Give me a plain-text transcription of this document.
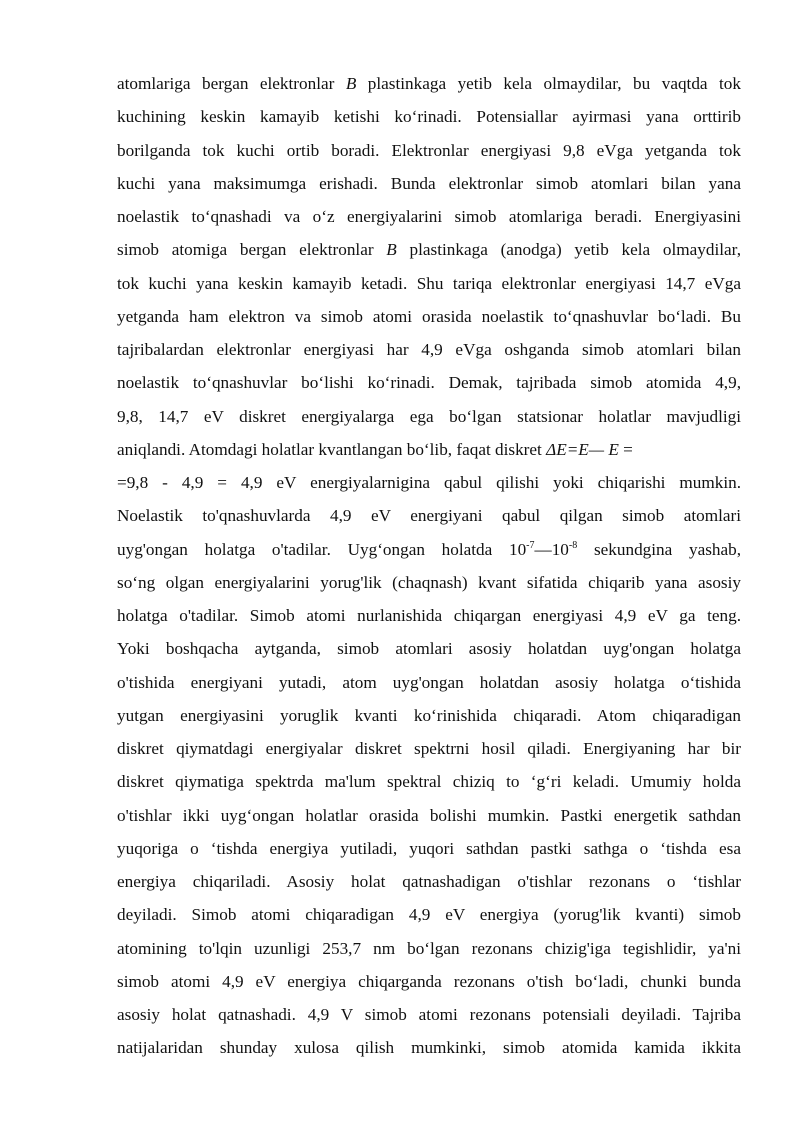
atomlariga bergan elektronlar B plastinkaga yetib kela olmaydilar, bu vaqtda tok
kuchining keskin kamayib ketishi ko‘rinadi. Potensiallar ayirmasi yana orttirib
borilganda tok kuchi ortib boradi. Elektronlar energiyasi 9,8 eVga yetganda tok
kuchi yana maksimumga erishadi. Bunda elektronlar simob atomlari bilan yana
noelastik to‘qnashadi va o‘z energiyalarini simob atomlariga beradi. Energiyasini
simob atomiga bergan elektronlar B plastinkaga (anodga) yetib kela olmaydilar,
tok kuchi yana keskin kamayib ketadi. Shu tariqa elektronlar energiyasi 14,7 eVga
yetganda ham elektron va simob atomi orasida noelastik to‘qnashuvlar bo‘ladi. Bu
tajribalardan elektronlar energiyasi har 4,9 eVga oshganda simob atomlari bilan
noelastik to‘qnashuvlar bo‘lishi ko‘rinadi. Demak, tajribada simob atomida 4,9,
9,8, 14,7 eV diskret energiyalarga ega bo‘lgan statsionar holatlar mavjudligi
aniqlandi. Atomdagi holatlar kvantlangan bo‘lib, faqat diskret ΔE=E— E =
=9,8 - 4,9 = 4,9 eV energiyalarnigina qabul qilishi yoki chiqarishi mumkin.
Noelastik to'qnashuvlarda 4,9 eV energiyani qabul qilgan simob atomlari
uyg'ongan holatga o'tadilar. Uyg‘ongan holatda $10^{-7}—10^{-8}$ sekundgina yashab,
so‘ng olgan energiyalarini yorug'lik (chaqnash) kvant sifatida chiqarib yana asosiy
holatga o'tadilar. Simob atomi nurlanishida chiqargan energiyasi 4,9 eV ga teng.
Yoki boshqacha aytganda, simob atomlari asosiy holatdan uyg'ongan holatga
o'tishida energiyani yutadi, atom uyg'ongan holatdan asosiy holatga o‘tishida
yutgan energiyasini yoruglik kvanti ko‘rinishida chiqaradi. Atom chiqaradigan
diskret qiymatdagi energiyalar diskret spektrni hosil qiladi. Energiyaning har bir
diskret qiymatiga spektrda ma'lum spektral chiziq to ‘g‘ri keladi. Umumiy holda
o'tishlar ikki uyg‘ongan holatlar orasida bolishi mumkin. Pastki energetik sathdan
yuqoriga o ‘tishda energiya yutiladi, yuqori sathdan pastki sathga o ‘tishda esa
energiya chiqariladi. Asosiy holat qatnashadigan o'tishlar rezonans o ‘tishlar
deyiladi. Simob atomi chiqaradigan 4,9 eV energiya (yorug'lik kvanti) simob
atomining to'lqin uzunligi 253,7 nm bo‘lgan rezonans chizig'iga tegishlidir, ya'ni
simob atomi 4,9 eV energiya chiqarganda rezonans o'tish bo‘ladi, chunki bunda
asosiy holat qatnashadi. 4,9 V simob atomi rezonans potensiali deyiladi. Tajriba
natijalaridan shunday xulosa qilish mumkinki, simob atomida kamida ikkita
